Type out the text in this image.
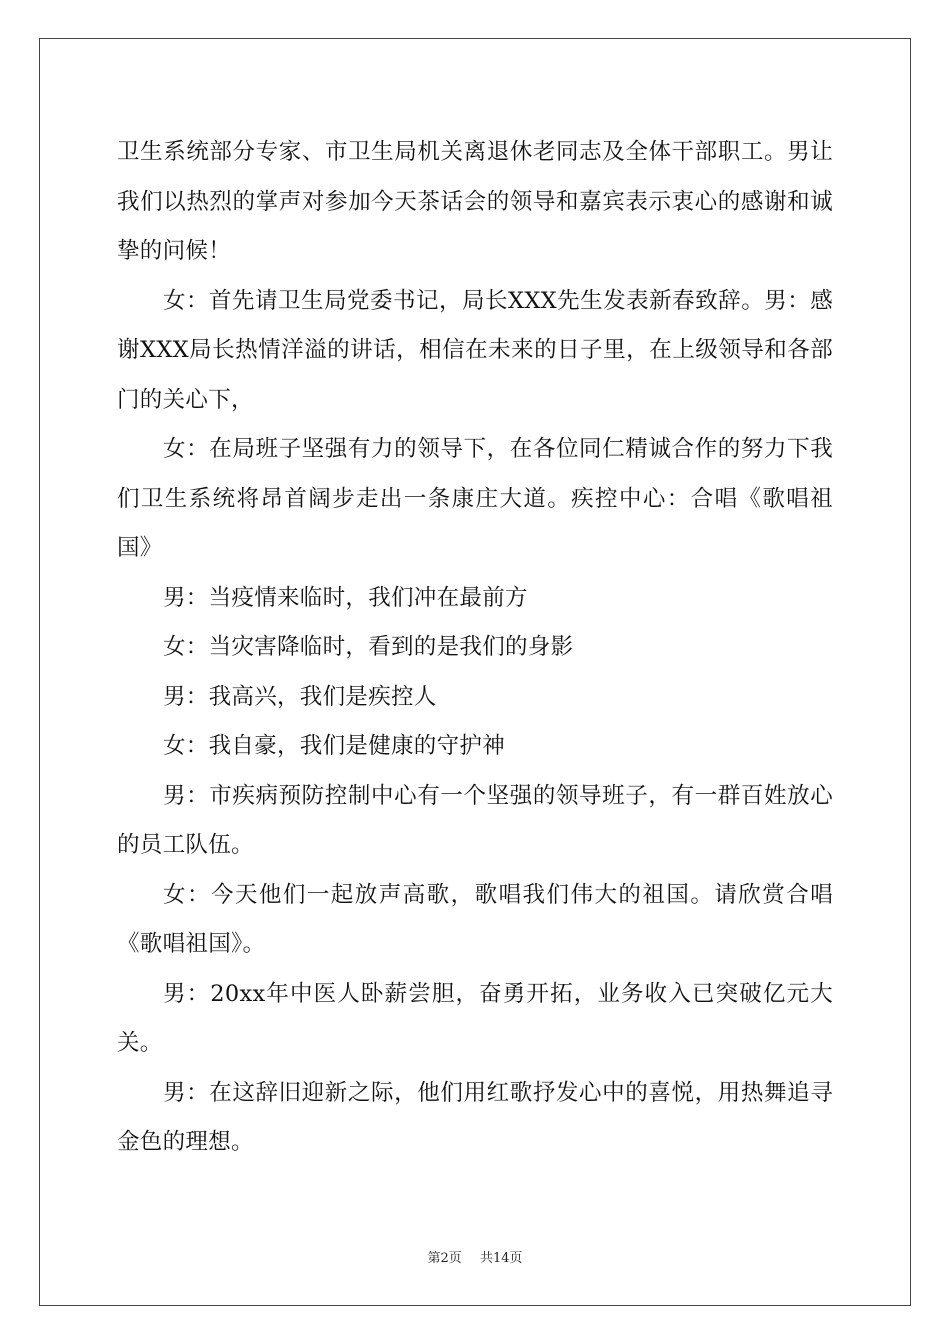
卫生系统部分专家、市卫生局机关离退休老同志及全体干部职工。男让我们以热烈的掌声对参加今天茶话会的领导和嘉宾表示衷心的感谢和诚挚的问候！

女：首先请卫生局党委书记，局长XXX先生发表新春致辞。男：感谢XXX局长热情洋溢的讲话，相信在未来的日子里，在上级领导和各部门的关心下，

女：在局班子坚强有力的领导下，在各位同仁精诚合作的努力下我们卫生系统将昂首阔步走出一条康庄大道。疾控中心：合唱《歌唱祖国》

男：当疫情来临时，我们冲在最前方

女：当灾害降临时，看到的是我们的身影

男：我高兴，我们是疾控人

女：我自豪，我们是健康的守护神

男：市疾病预防控制中心有一个坚强的领导班子，有一群百姓放心的员工队伍。

女：今天他们一起放声高歌，歌唱我们伟大的祖国。请欣赏合唱《歌唱祖国》。

男：20xx年中医人卧薪尝胆，奋勇开拓，业务收入已突破亿元大关。

男：在这辞旧迎新之际，他们用红歌抒发心中的喜悦，用热舞追寻金色的理想。

第2页 共14页
